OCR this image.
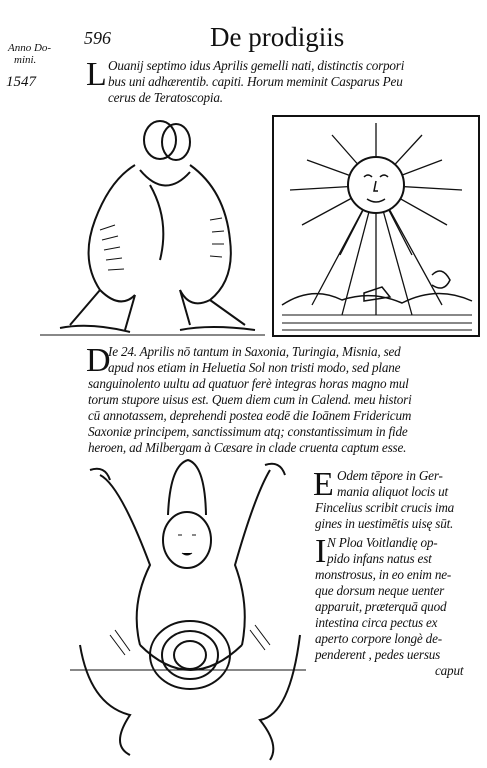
Anno Do-
mini.
596	De prodigiis
1547 L Ouanij septimo idus Aprilis gemelli nati, distinctis corpori
bus uni adhærentib. capiti. Horum meminit Casparus Peu
cerus de Teratoscopia.
D
Ie 24. Aprilis nō tantum in Saxonia, Turingia, Misnia, sed
apud nos etiam in Heluetia Sol non tristi modo, sed plane
sanguinolento uultu ad quatuor ferè integras horas magno mul
torum stupore uisus est. Quem diem cum in Calend. meu histori
cū annotassem, deprehendi postea eodē die Ioānem Fridericum
Saxoniæ principem, sanctissimum atq; constantissimum in fide
heroen, ad Milbergam à Cæsare in clade cruenta captum esse.
E Odem tēpore in Ger-
mania aliquot locis ut
Fincelius scribit crucis ima
gines in uestimētis uisę sūt.
I N Ploa Voitlandię op-
pido infans natus est
monstrosus, in eo enim ne-
que dorsum neque uenter
apparuit, præterquā quod
intestina circa pectus ex
aperto corpore longè de-
penderent , pedes uersus
caput
